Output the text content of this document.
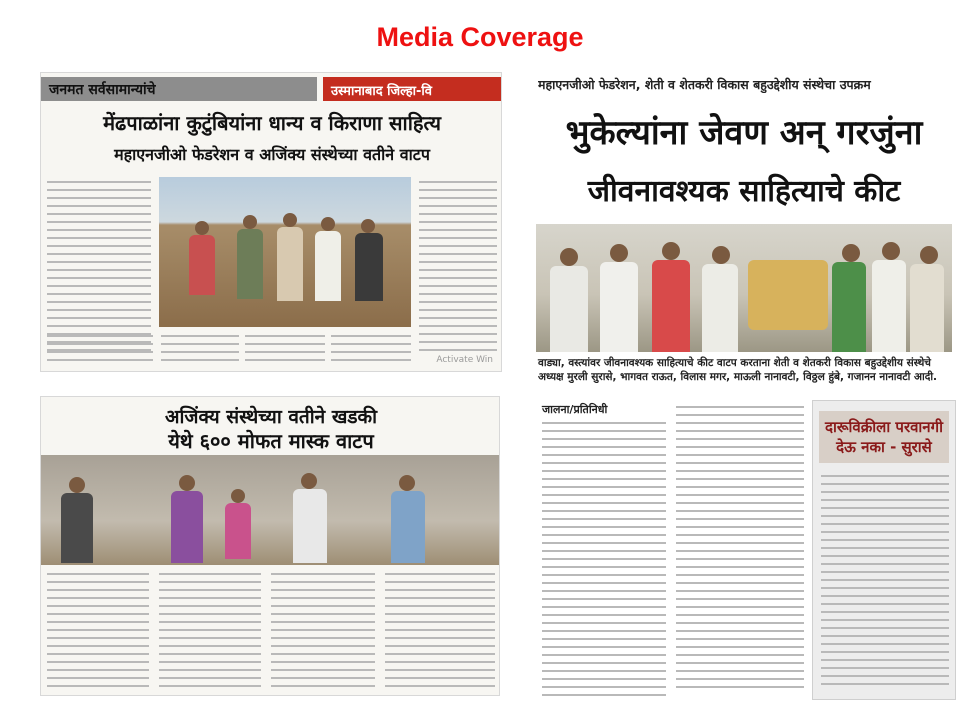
Media Coverage
जनमत सर्वसामान्यांचे	उस्मानाबाद जिल्हा-वि
मेंढपाळांना कुटुंबियांना धान्य व किराणा साहित्य
महाएनजीओ फेडरेशन व अजिंक्य संस्थेच्या वतीने वाटप
Activate Win
महाएनजीओ फेडरेशन, शेती व शेतकरी विकास बहुउद्देशीय संस्थेचा उपक्रम
भुकेल्यांना जेवण अन् गरजुंना
जीवनावश्यक साहित्याचे कीट
वाड्या, वस्त्यांवर जीवनावश्यक साहित्याचे कीट वाटप करताना शेती व शेतकरी विकास बहुउद्देशीय संस्थेचे अध्यक्ष मुरली सुरासे, भागवत राऊत, विलास मगर, माऊली नानावटी, विठ्ठल हुंबे, गजानन नानावटी आदी.
अजिंक्य संस्थेच्या वतीने खडकी
येथे ६०० मोफत मास्क वाटप
जालना/प्रतिनिधी
दारूविक्रीला परवानगी देऊ नका - सुरासे
